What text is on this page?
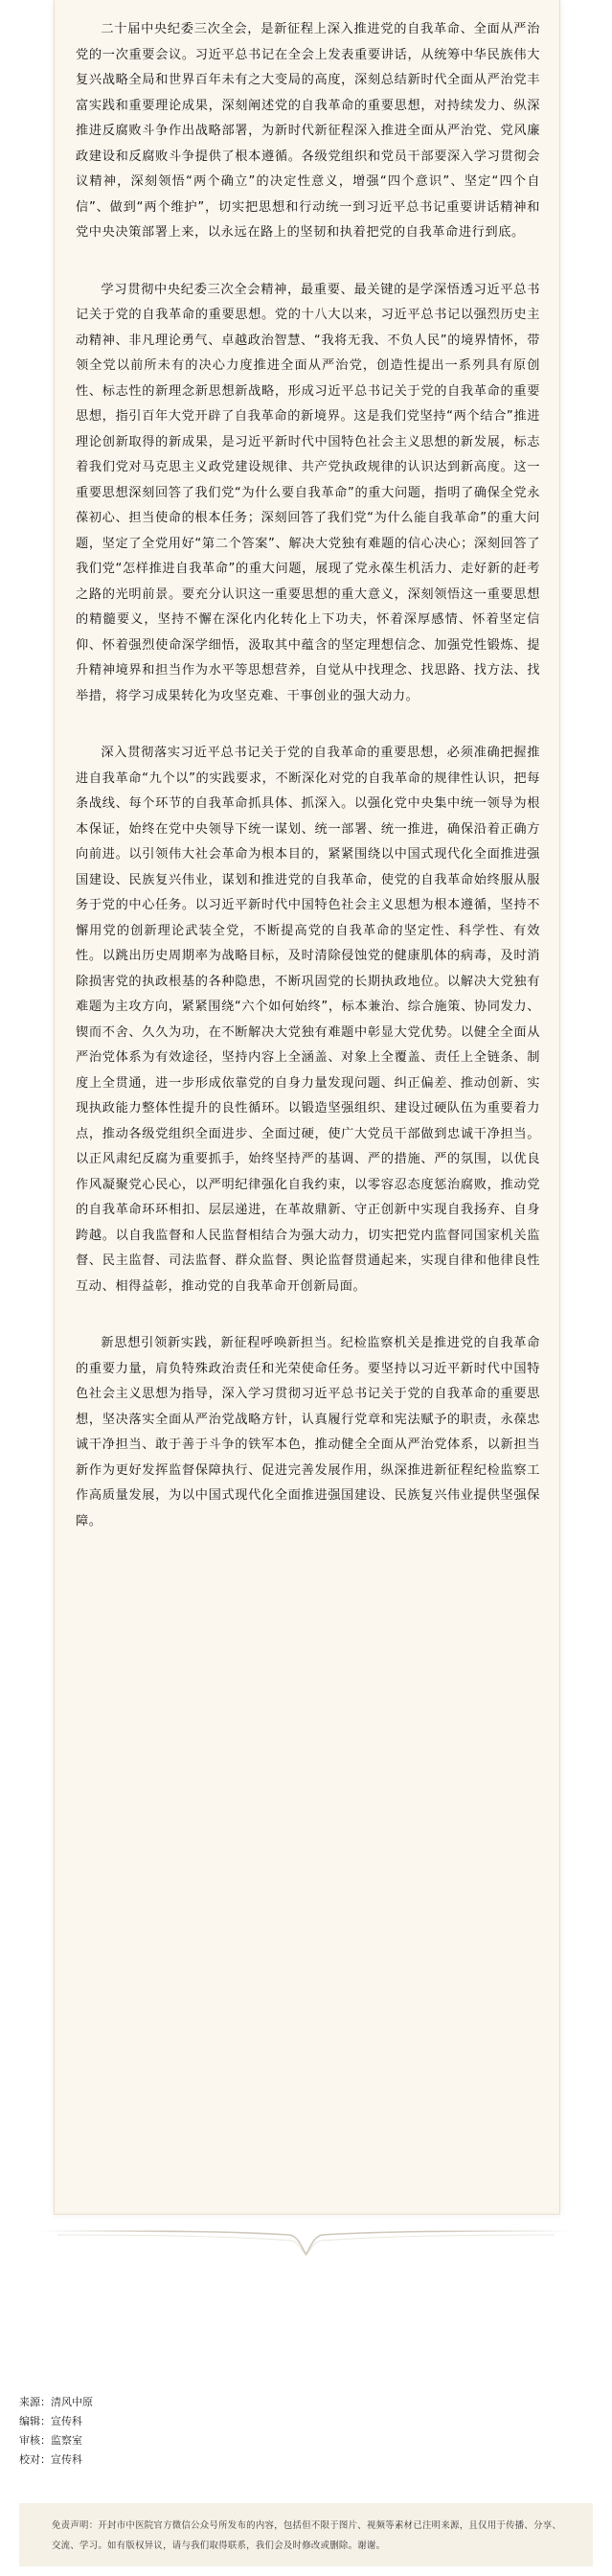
二十届中央纪委三次全会，是新征程上深入推进党的自我革命、全面从严治党的一次重要会议。习近平总书记在全会上发表重要讲话，从统筹中华民族伟大复兴战略全局和世界百年未有之大变局的高度，深刻总结新时代全面从严治党丰富实践和重要理论成果，深刻阐述党的自我革命的重要思想，对持续发力、纵深推进反腐败斗争作出战略部署，为新时代新征程深入推进全面从严治党、党风廉政建设和反腐败斗争提供了根本遵循。各级党组织和党员干部要深入学习贯彻会议精神，深刻领悟“两个确立”的决定性意义，增强“四个意识”、坚定“四个自信”、做到“两个维护”，切实把思想和行动统一到习近平总书记重要讲话精神和党中央决策部署上来，以永远在路上的坚韧和执着把党的自我革命进行到底。

学习贯彻中央纪委三次全会精神，最重要、最关键的是学深悟透习近平总书记关于党的自我革命的重要思想。党的十八大以来，习近平总书记以强烈历史主动精神、非凡理论勇气、卓越政治智慧、“我将无我、不负人民”的境界情怀，带领全党以前所未有的决心力度推进全面从严治党，创造性提出一系列具有原创性、标志性的新理念新思想新战略，形成习近平总书记关于党的自我革命的重要思想，指引百年大党开辟了自我革命的新境界。这是我们党坚持“两个结合”推进理论创新取得的新成果，是习近平新时代中国特色社会主义思想的新发展，标志着我们党对马克思主义政党建设规律、共产党执政规律的认识达到新高度。这一重要思想深刻回答了我们党“为什么要自我革命”的重大问题，指明了确保全党永葆初心、担当使命的根本任务；深刻回答了我们党“为什么能自我革命”的重大问题，坚定了全党用好“第二个答案”、解决大党独有难题的信心决心；深刻回答了我们党“怎样推进自我革命”的重大问题，展现了党永葆生机活力、走好新的赶考之路的光明前景。要充分认识这一重要思想的重大意义，深刻领悟这一重要思想的精髓要义，坚持不懈在深化内化转化上下功夫，怀着深厚感情、怀着坚定信仰、怀着强烈使命深学细悟，汲取其中蕴含的坚定理想信念、加强党性锻炼、提升精神境界和担当作为水平等思想营养，自觉从中找理念、找思路、找方法、找举措，将学习成果转化为攻坚克难、干事创业的强大动力。

深入贯彻落实习近平总书记关于党的自我革命的重要思想，必须准确把握推进自我革命“九个以”的实践要求，不断深化对党的自我革命的规律性认识，把每条战线、每个环节的自我革命抓具体、抓深入。以强化党中央集中统一领导为根本保证，始终在党中央领导下统一谋划、统一部署、统一推进，确保沿着正确方向前进。以引领伟大社会革命为根本目的，紧紧围绕以中国式现代化全面推进强国建设、民族复兴伟业，谋划和推进党的自我革命，使党的自我革命始终服从服务于党的中心任务。以习近平新时代中国特色社会主义思想为根本遵循，坚持不懈用党的创新理论武装全党，不断提高党的自我革命的坚定性、科学性、有效性。以跳出历史周期率为战略目标，及时清除侵蚀党的健康肌体的病毒，及时消除损害党的执政根基的各种隐患，不断巩固党的长期执政地位。以解决大党独有难题为主攻方向，紧紧围绕“六个如何始终”，标本兼治、综合施策、协同发力、锲而不舍、久久为功，在不断解决大党独有难题中彰显大党优势。以健全全面从严治党体系为有效途径，坚持内容上全涵盖、对象上全覆盖、责任上全链条、制度上全贯通，进一步形成依靠党的自身力量发现问题、纠正偏差、推动创新、实现执政能力整体性提升的良性循环。以锻造坚强组织、建设过硬队伍为重要着力点，推动各级党组织全面进步、全面过硬，使广大党员干部做到忠诚干净担当。以正风肃纪反腐为重要抓手，始终坚持严的基调、严的措施、严的氛围，以优良作风凝聚党心民心，以严明纪律强化自我约束，以零容忍态度惩治腐败，推动党的自我革命环环相扣、层层递进，在革故鼎新、守正创新中实现自我扬弃、自身跨越。以自我监督和人民监督相结合为强大动力，切实把党内监督同国家机关监督、民主监督、司法监督、群众监督、舆论监督贯通起来，实现自律和他律良性互动、相得益彰，推动党的自我革命开创新局面。

新思想引领新实践，新征程呼唤新担当。纪检监察机关是推进党的自我革命的重要力量，肩负特殊政治责任和光荣使命任务。要坚持以习近平新时代中国特色社会主义思想为指导，深入学习贯彻习近平总书记关于党的自我革命的重要思想，坚决落实全面从严治党战略方针，认真履行党章和宪法赋予的职责，永葆忠诚干净担当、敢于善于斗争的铁军本色，推动健全全面从严治党体系，以新担当新作为更好发挥监督保障执行、促进完善发展作用，纵深推进新征程纪检监察工作高质量发展，为以中国式现代化全面推进强国建设、民族复兴伟业提供坚强保障。

来源：清风中原
编辑：宣传科
审核：监察室
校对：宣传科
免责声明：开封市中医院官方微信公众号所发布的内容，包括但不限于图片、视频等素材已注明来源，且仅用于传播、分享、交流、学习。如有版权异议，请与我们取得联系，我们会及时修改或删除。谢谢。
